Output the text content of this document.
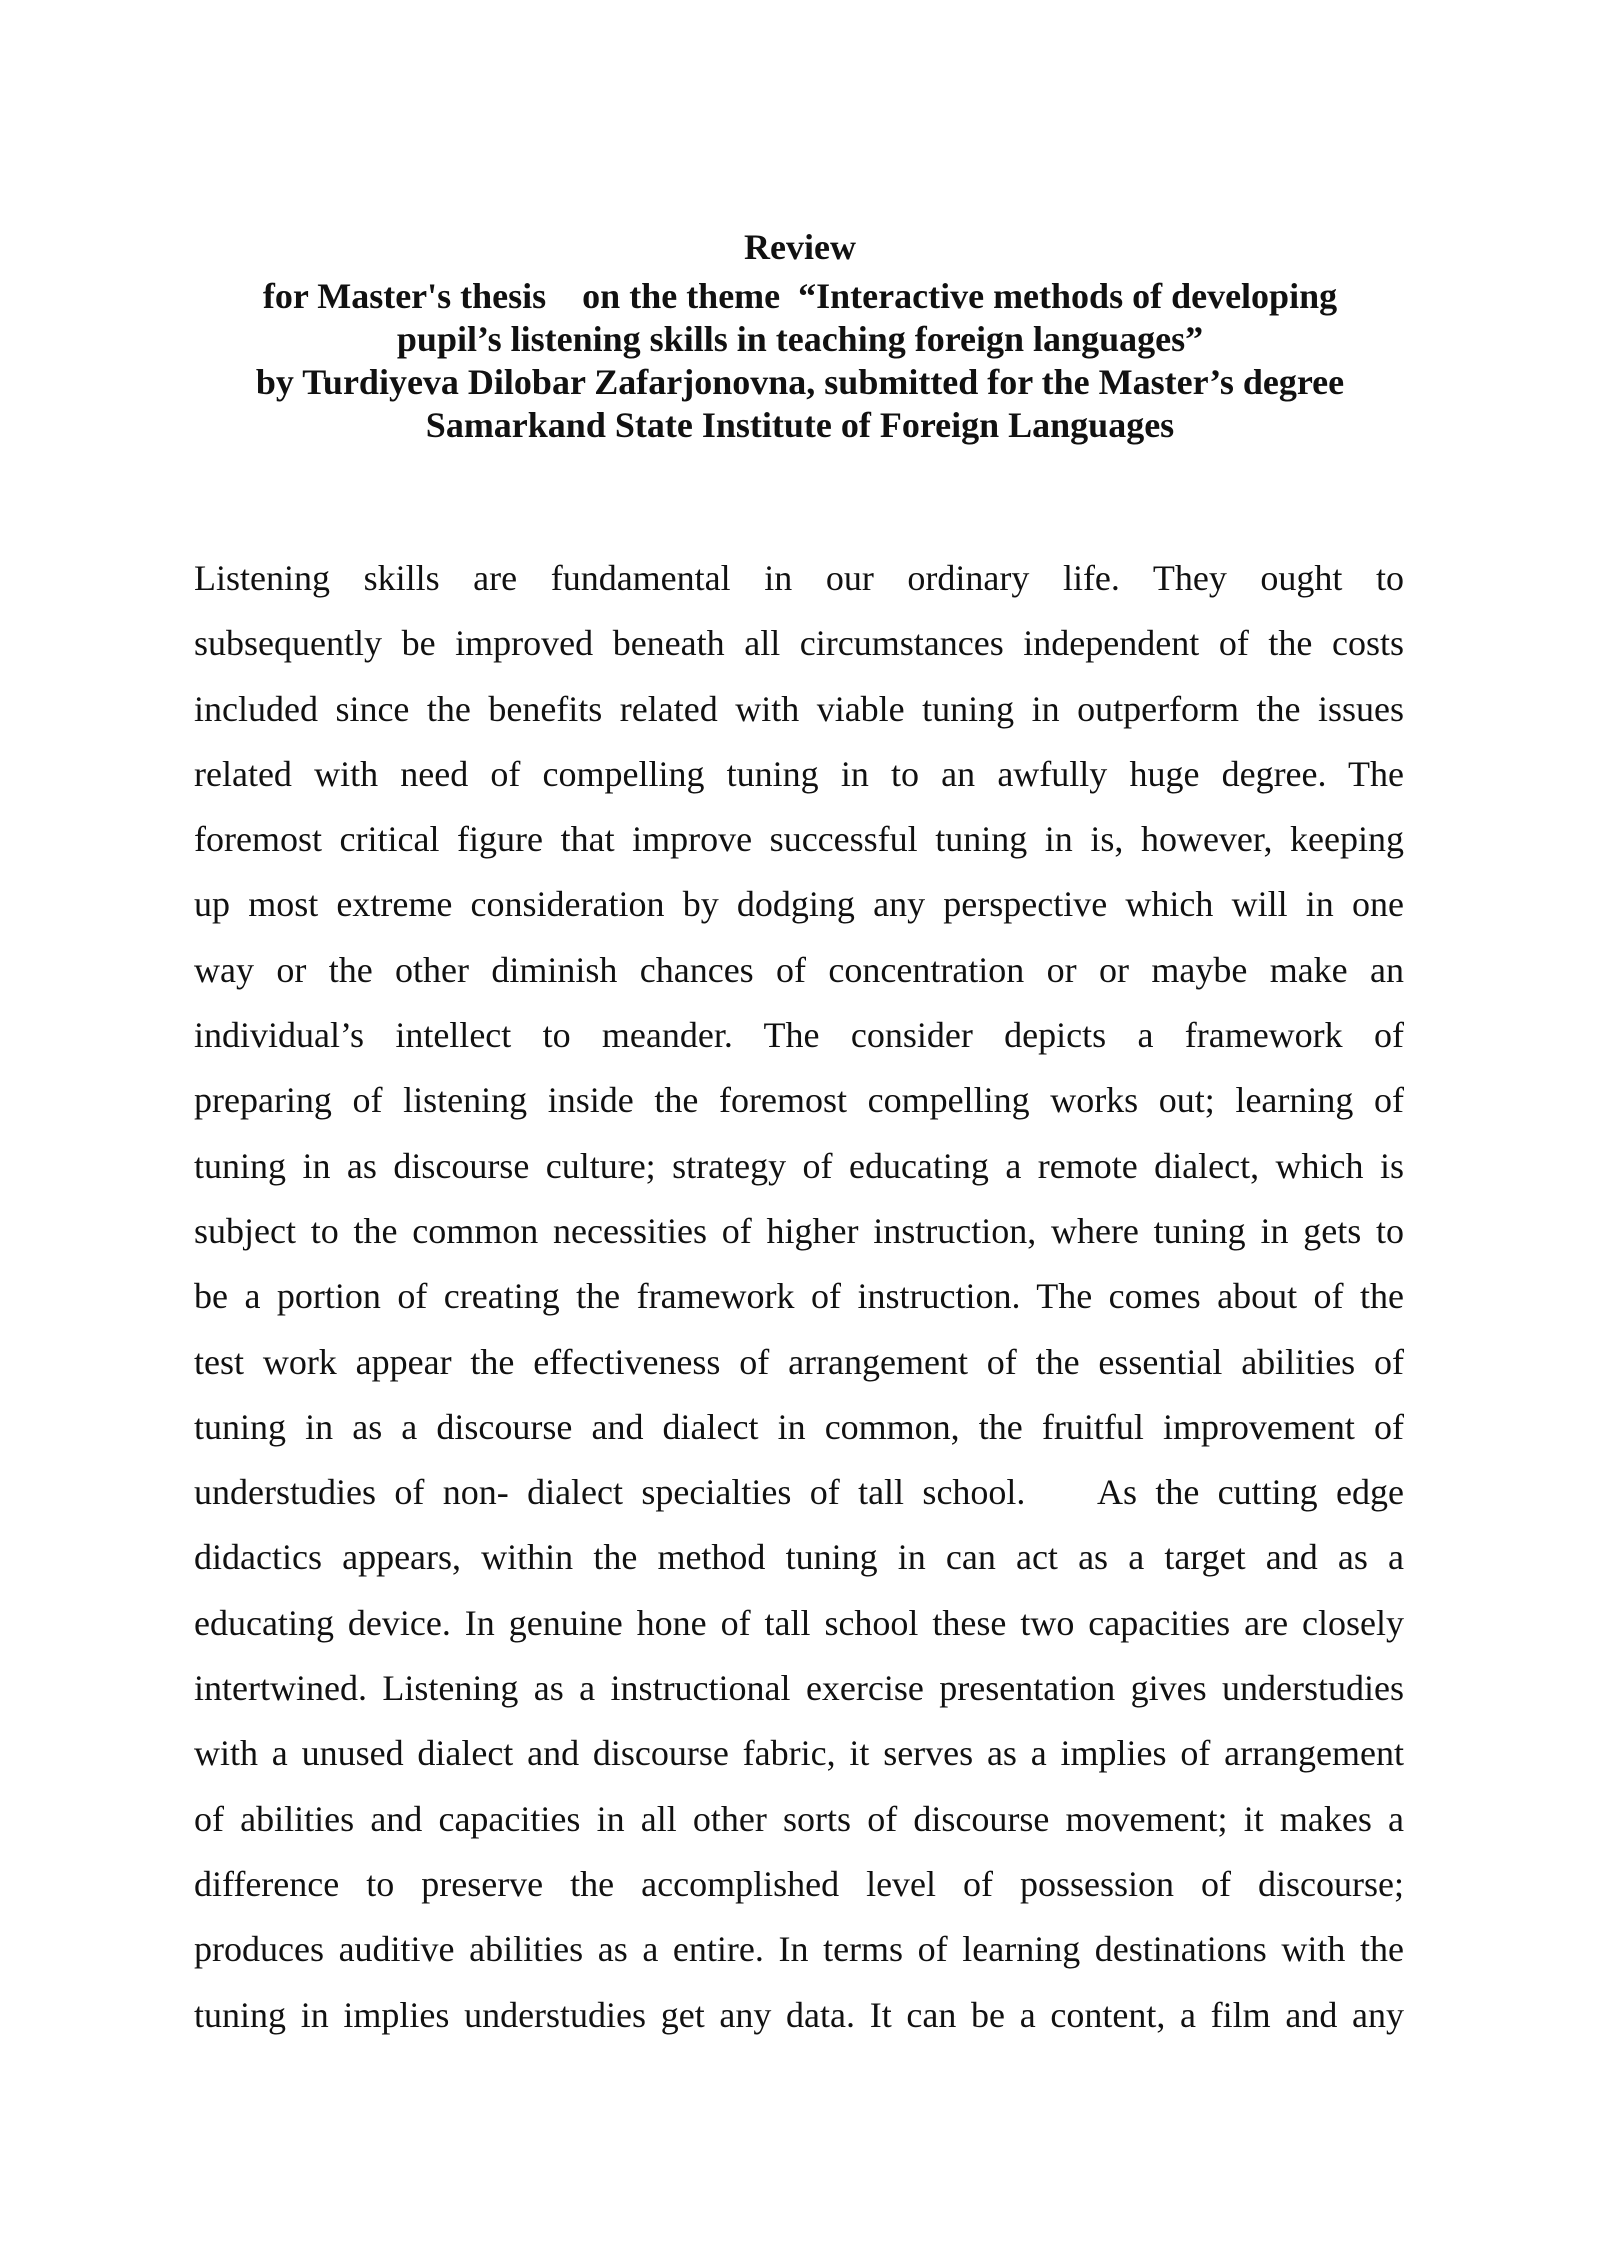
Review
for Master's thesis    on the theme  “Interactive methods of developing
pupil’s listening skills in teaching foreign languages”
by Turdiyeva Dilobar Zafarjonovna, submitted for the Master’s degree
Samarkand State Institute of Foreign Languages
Listening skills are fundamental in our ordinary life. They ought to
subsequently be improved beneath all circumstances independent of the costs
included since the benefits related with viable tuning in outperform the issues
related with need of compelling tuning in to an awfully huge degree. The
foremost critical figure that improve successful tuning in is, however, keeping
up most extreme consideration by dodging any perspective which will in one
way or the other diminish chances of concentration or or maybe make an
individual’s intellect to meander. The consider depicts a framework of
preparing of listening inside the foremost compelling works out; learning of
tuning in as discourse culture; strategy of educating a remote dialect, which is
subject to the common necessities of higher instruction, where tuning in gets to
be a portion of creating the framework of instruction. The comes about of the
test work appear the effectiveness of arrangement of the essential abilities of
tuning in as a discourse and dialect in common, the fruitful improvement of
understudies of non- dialect specialties of tall school.    As the cutting edge
didactics appears, within the method tuning in can act as a target and as a
educating device. In genuine hone of tall school these two capacities are closely
intertwined. Listening as a instructional exercise presentation gives understudies
with a unused dialect and discourse fabric, it serves as a implies of arrangement
of abilities and capacities in all other sorts of discourse movement; it makes a
difference to preserve the accomplished level of possession of discourse;
produces auditive abilities as a entire. In terms of learning destinations with the
tuning in implies understudies get any data. It can be a content, a film and any
